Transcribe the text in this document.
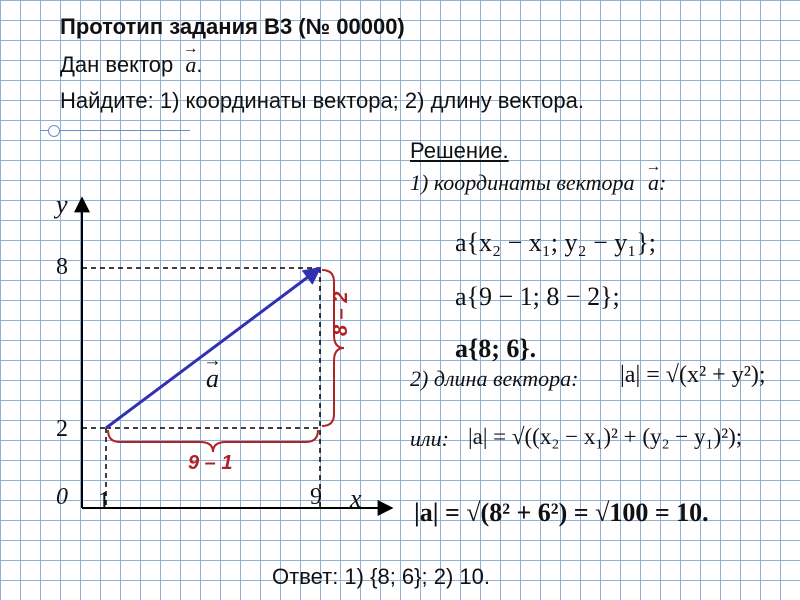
Прототип задания B3 (№ 00000)
Дан вектор → a.
Найдите: 1) координаты вектора; 2) длину вектора.
y
x
0
8
2
1	9
→ a
9 – 1
8 – 2
Решение.
1) координаты вектора → a:
a{x₂ − x₁; y₂ − y₁};
a{9 − 1; 8 − 2};
a{8; 6}.
2) длина вектора: |a| = √(x² + y²);
или: |a| = √((x₂ − x₁)² + (y₂ − y₁)²);
|a| = √(8² + 6²) = √100 = 10.
Ответ: 1) {8; 6}; 2) 10.
